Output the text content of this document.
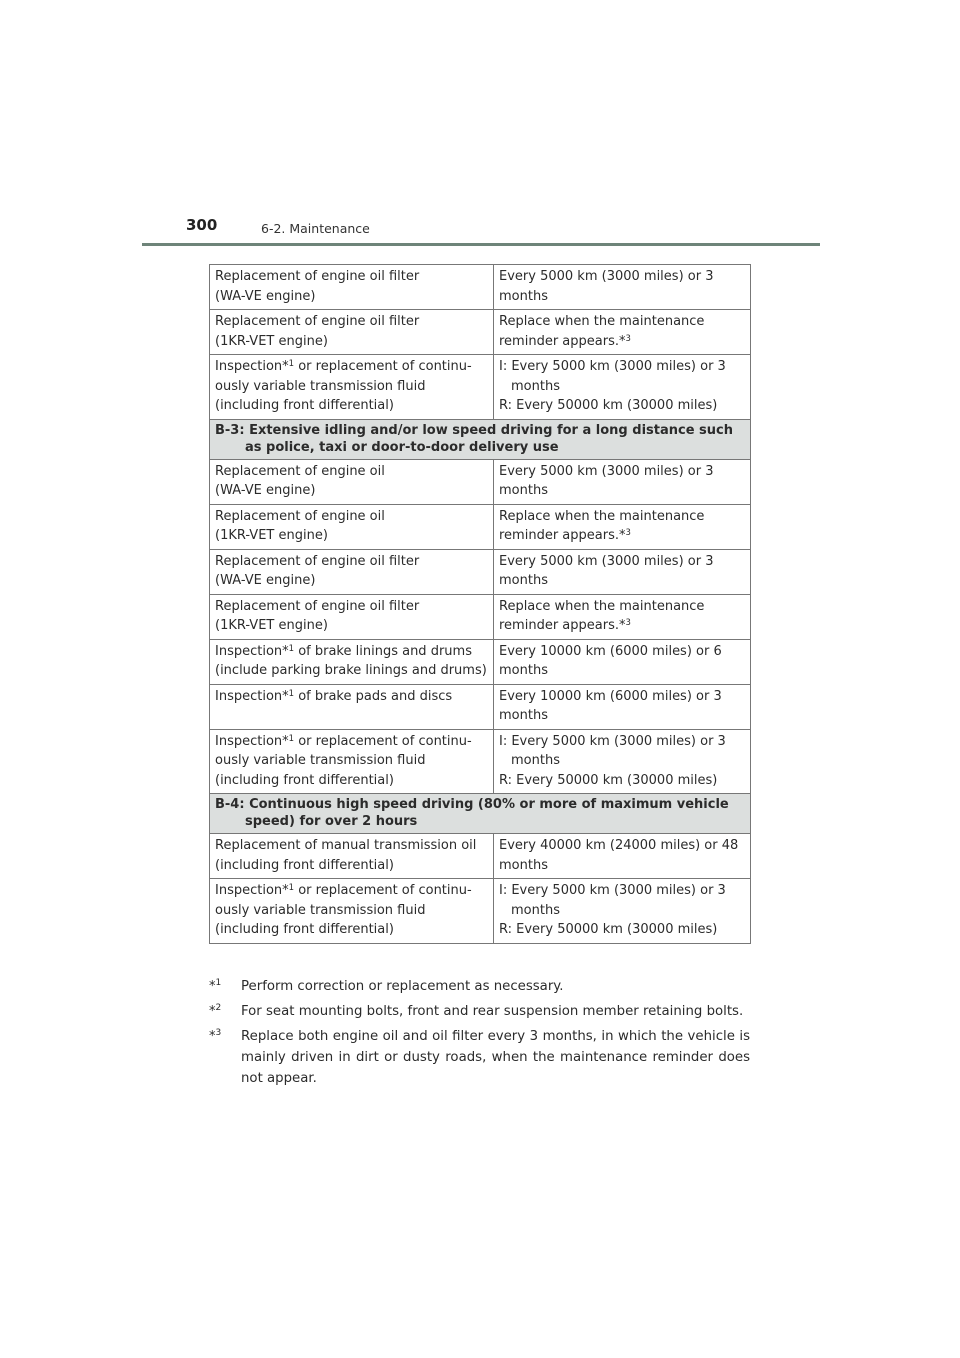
300	6-2. Maintenance
Replacement of engine oil filter
(WA-VE engine)	Every 5000 km (3000 miles) or 3
months

Replacement of engine oil filter
(1KR-VET engine)	Replace when the maintenance
reminder appears.*$^3$

Inspection*$^1$ or replacement of continu-
ously variable transmission fluid
(including front differential)	I: Every 5000 km (3000 miles) or 3 months
R: Every 50000 km (30000 miles)

B-3: Extensive idling and/or low speed driving for a long distance such as police, taxi or door-to-door delivery use	

Replacement of engine oil
(WA-VE engine)	Every 5000 km (3000 miles) or 3
months

Replacement of engine oil
(1KR-VET engine)	Replace when the maintenance
reminder appears.*$^3$

Replacement of engine oil filter
(WA-VE engine)	Every 5000 km (3000 miles) or 3
months

Replacement of engine oil filter
(1KR-VET engine)	Replace when the maintenance
reminder appears.*$^3$

Inspection*$^1$ of brake linings and drums
(include parking brake linings and drums)	Every 10000 km (6000 miles) or 6
months

Inspection*$^1$ of brake pads and discs	Every 10000 km (6000 miles) or 3
months

Inspection*$^1$ or replacement of continu-
ously variable transmission fluid
(including front differential)	I: Every 5000 km (3000 miles) or 3 months
R: Every 50000 km (30000 miles)

B-4: Continuous high speed driving (80% or more of maximum vehicle speed) for over 2 hours	

Replacement of manual transmission oil
(including front differential)	Every 40000 km (24000 miles) or 48
months

Inspection*$^1$ or replacement of continu-
ously variable transmission fluid
(including front differential)	I: Every 5000 km (3000 miles) or 3 months
R: Every 50000 km (30000 miles)
*$^1$ Perform correction or replacement as necessary.
*$^2$ For seat mounting bolts, front and rear suspension member retaining bolts.
*$^3$ Replace both engine oil and oil filter every 3 months, in which the vehicle is mainly driven in dirt or dusty roads, when the maintenance reminder does not appear.
